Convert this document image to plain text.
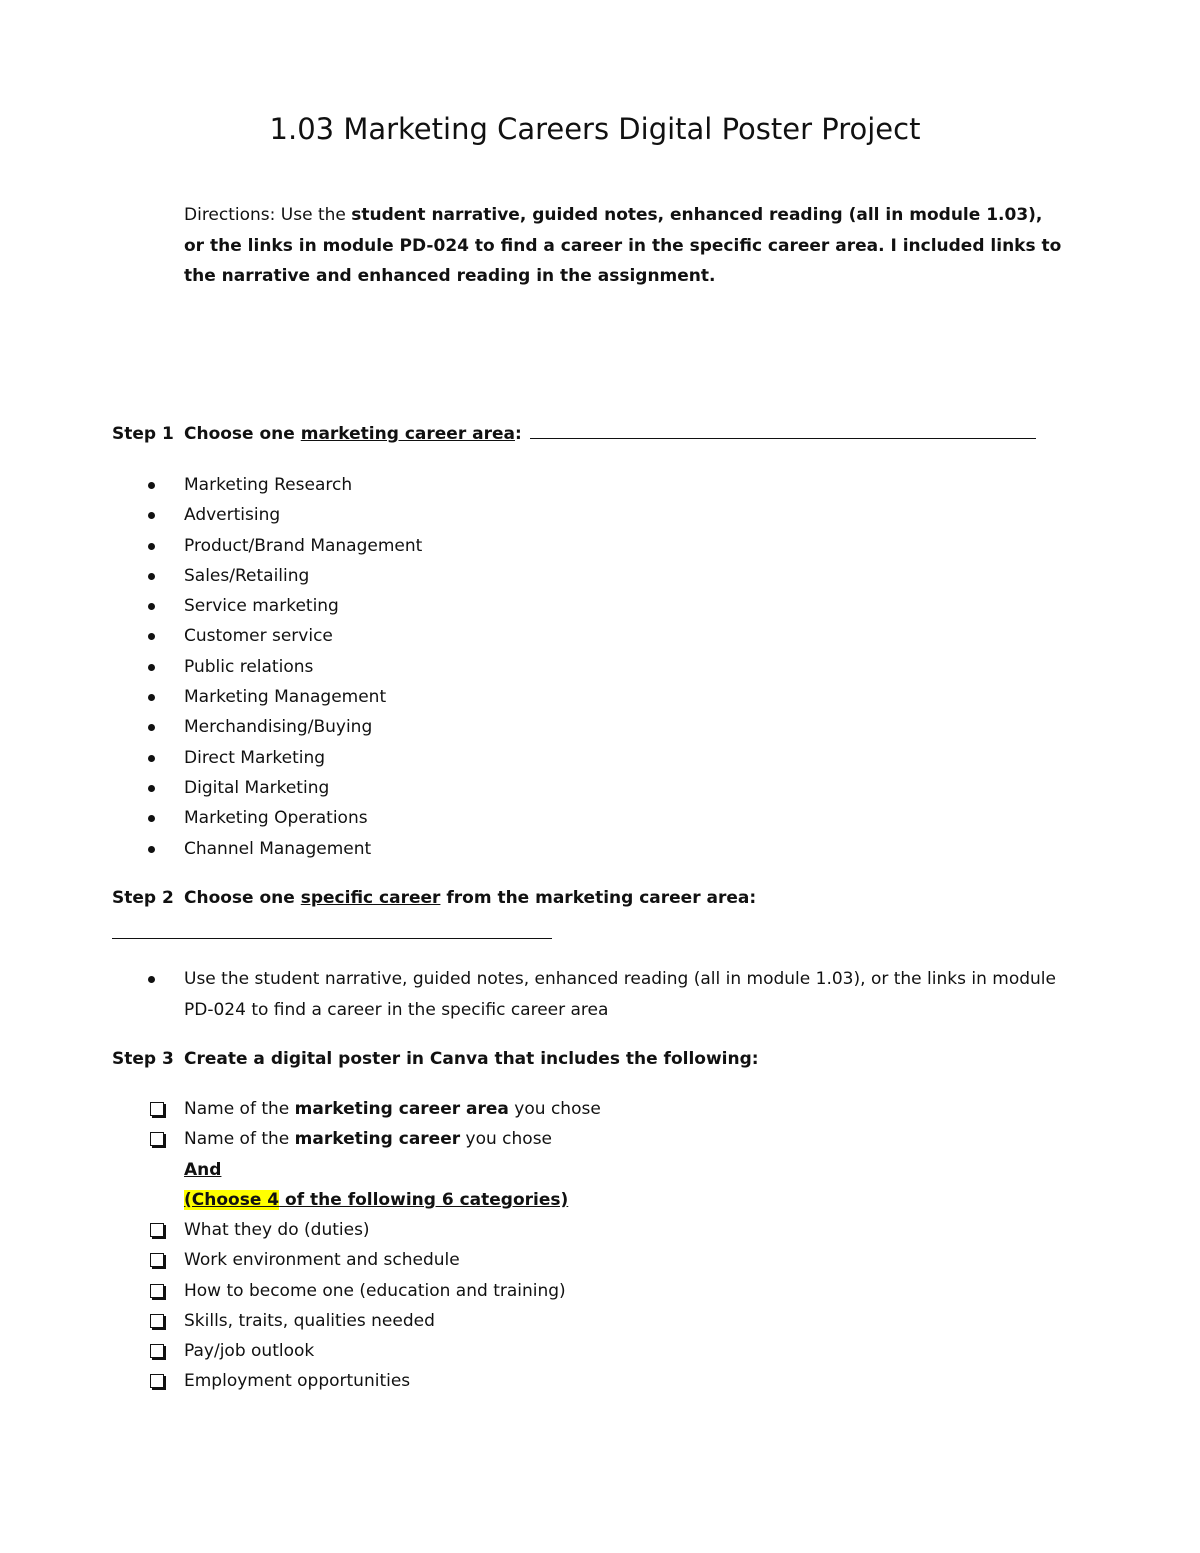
1.03 Marketing Careers Digital Poster Project

Directions: Use the student narrative, guided notes, enhanced reading (all in module 1.03), or the links in module PD-024 to find a career in the specific career area. I included links to the narrative and enhanced reading in the assignment.

Step 1 Choose one marketing career area:

Marketing Research
Advertising
Product/Brand Management
Sales/Retailing
Service marketing
Customer service
Public relations
Marketing Management
Merchandising/Buying
Direct Marketing
Digital Marketing
Marketing Operations
Channel Management

Step 2 Choose one specific career from the marketing career area:

Use the student narrative, guided notes, enhanced reading (all in module 1.03), or the links in module PD-024 to find a career in the specific career area

Step 3 Create a digital poster in Canva that includes the following:

Name of the marketing career area you chose
Name of the marketing career you chose
And
(Choose 4 of the following 6 categories)
What they do (duties)
Work environment and schedule
How to become one (education and training)
Skills, traits, qualities needed
Pay/job outlook
Employment opportunities
